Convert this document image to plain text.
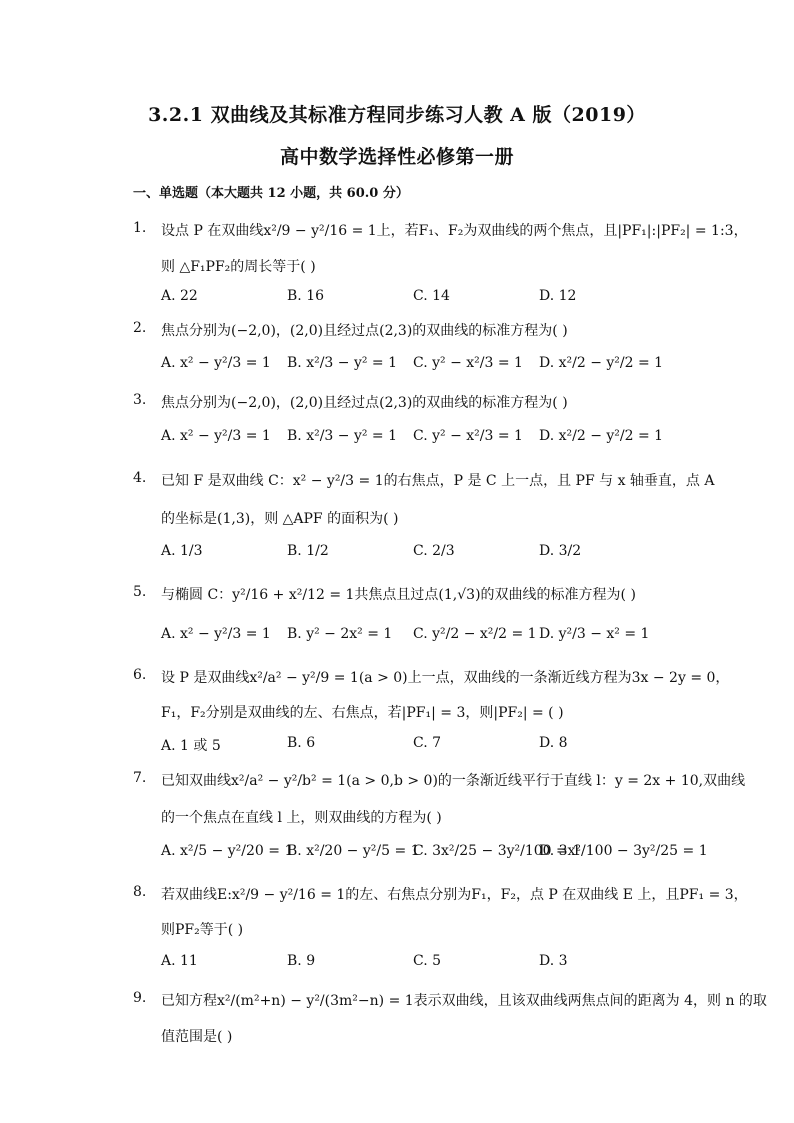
3.2.1 双曲线及其标准方程同步练习人教 A 版（2019）
高中数学选择性必修第一册
一、单选题（本大题共 12 小题，共 60.0 分）
1.	设点 P 在双曲线x²/9 − y²/16 = 1上，若F₁、F₂为双曲线的两个焦点，且|PF₁|:|PF₂| = 1:3，
则 △F₁PF₂的周长等于( )
A. 22	B. 16	C. 14	D. 12
2.	焦点分别为(−2,0)，(2,0)且经过点(2,3)的双曲线的标准方程为( )
A. x² − y²/3 = 1 B. x²/3 − y² = 1 C. y² − x²/3 = 1 D. x²/2 − y²/2 = 1
3.	焦点分别为(−2,0)，(2,0)且经过点(2,3)的双曲线的标准方程为( )
A. x² − y²/3 = 1 B. x²/3 − y² = 1 C. y² − x²/3 = 1 D. x²/2 − y²/2 = 1
4.	已知 F 是双曲线 C：x² − y²/3 = 1的右焦点，P 是 C 上一点，且 PF 与 x 轴垂直，点 A
的坐标是(1,3)，则 △APF 的面积为( )
A. 1/3	B. 1/2	C. 2/3	D. 3/2
5.	与椭圆 C：y²/16 + x²/12 = 1共焦点且过点(1,√3)的双曲线的标准方程为( )
A. x² − y²/3 = 1 B. y² − 2x² = 1 C. y²/2 − x²/2 = 1 D. y²/3 − x² = 1
6.	设 P 是双曲线x²/a² − y²/9 = 1(a > 0)上一点，双曲线的一条渐近线方程为3x − 2y = 0，
F₁，F₂分别是双曲线的左、右焦点，若|PF₁| = 3，则|PF₂| = ( )
A. 1 或 5	B. 6	C. 7	D. 8
7.	已知双曲线x²/a² − y²/b² = 1(a > 0,b > 0)的一条渐近线平行于直线 l：y = 2x + 10,双曲线
的一个焦点在直线 l 上，则双曲线的方程为( )
A. x²/5 − y²/20 = 1
B. x²/20 − y²/5 = 1
C. 3x²/25 − 3y²/100 = 1
D. 3x²/100 − 3y²/25 = 1
8.	若双曲线E:x²/9 − y²/16 = 1的左、右焦点分别为F₁，F₂，点 P 在双曲线 E 上，且PF₁ = 3，
则PF₂等于( )
A. 11	B. 9	C. 5	D. 3
9.	已知方程x²/(m²+n) − y²/(3m²−n) = 1表示双曲线，且该双曲线两焦点间的距离为 4，则 n 的取
值范围是( )
